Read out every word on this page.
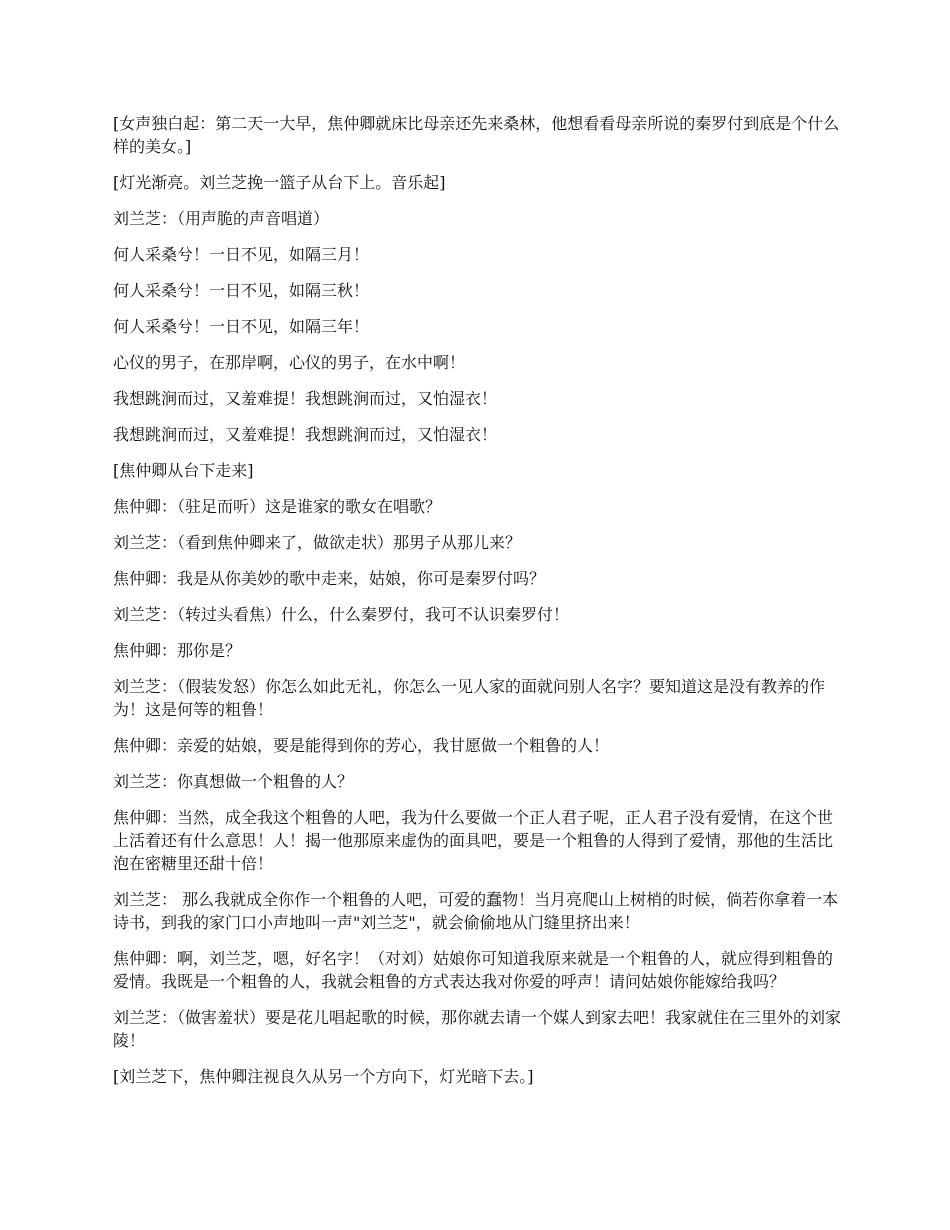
[女声独白起：第二天一大早，焦仲卿就床比母亲还先来桑林，他想看看母亲所说的秦罗付到底是个什么样的美女。]

[灯光渐亮。刘兰芝挽一篮子从台下上。音乐起]

刘兰芝：（用声脆的声音唱道）

何人采桑兮！一日不见，如隔三月！

何人采桑兮！一日不见，如隔三秋！

何人采桑兮！一日不见，如隔三年！

心仪的男子，在那岸啊，心仪的男子，在水中啊！

我想跳涧而过，又羞难提！我想跳涧而过，又怕湿衣！

我想跳涧而过，又羞难提！我想跳涧而过，又怕湿衣！

[焦仲卿从台下走来]

焦仲卿：（驻足而听）这是谁家的歌女在唱歌？

刘兰芝：（看到焦仲卿来了，做欲走状）那男子从那儿来？

焦仲卿：我是从你美妙的歌中走来，姑娘，你可是秦罗付吗？

刘兰芝：（转过头看焦）什么，什么秦罗付，我可不认识秦罗付！

焦仲卿：那你是？

刘兰芝：（假装发怒）你怎么如此无礼，你怎么一见人家的面就问别人名字？要知道这是没有教养的作为！这是何等的粗鲁！

焦仲卿：亲爱的姑娘，要是能得到你的芳心，我甘愿做一个粗鲁的人！

刘兰芝：你真想做一个粗鲁的人？

焦仲卿：当然，成全我这个粗鲁的人吧，我为什么要做一个正人君子呢，正人君子没有爱情，在这个世上活着还有什么意思！人！揭一他那原来虚伪的面具吧，要是一个粗鲁的人得到了爱情，那他的生活比泡在密糖里还甜十倍！

刘兰芝： 那么我就成全你作一个粗鲁的人吧，可爱的蠢物！当月亮爬山上树梢的时候，倘若你拿着一本诗书，到我的家门口小声地叫一声"刘兰芝"，就会偷偷地从门缝里挤出来！

焦仲卿：啊，刘兰芝，嗯，好名字！（对刘）姑娘你可知道我原来就是一个粗鲁的人，就应得到粗鲁的爱情。我既是一个粗鲁的人，我就会粗鲁的方式表达我对你爱的呼声！请问姑娘你能嫁给我吗？

刘兰芝：（做害羞状）要是花儿唱起歌的时候，那你就去请一个媒人到家去吧！我家就住在三里外的刘家陵！

[刘兰芝下，焦仲卿注视良久从另一个方向下，灯光暗下去。]
